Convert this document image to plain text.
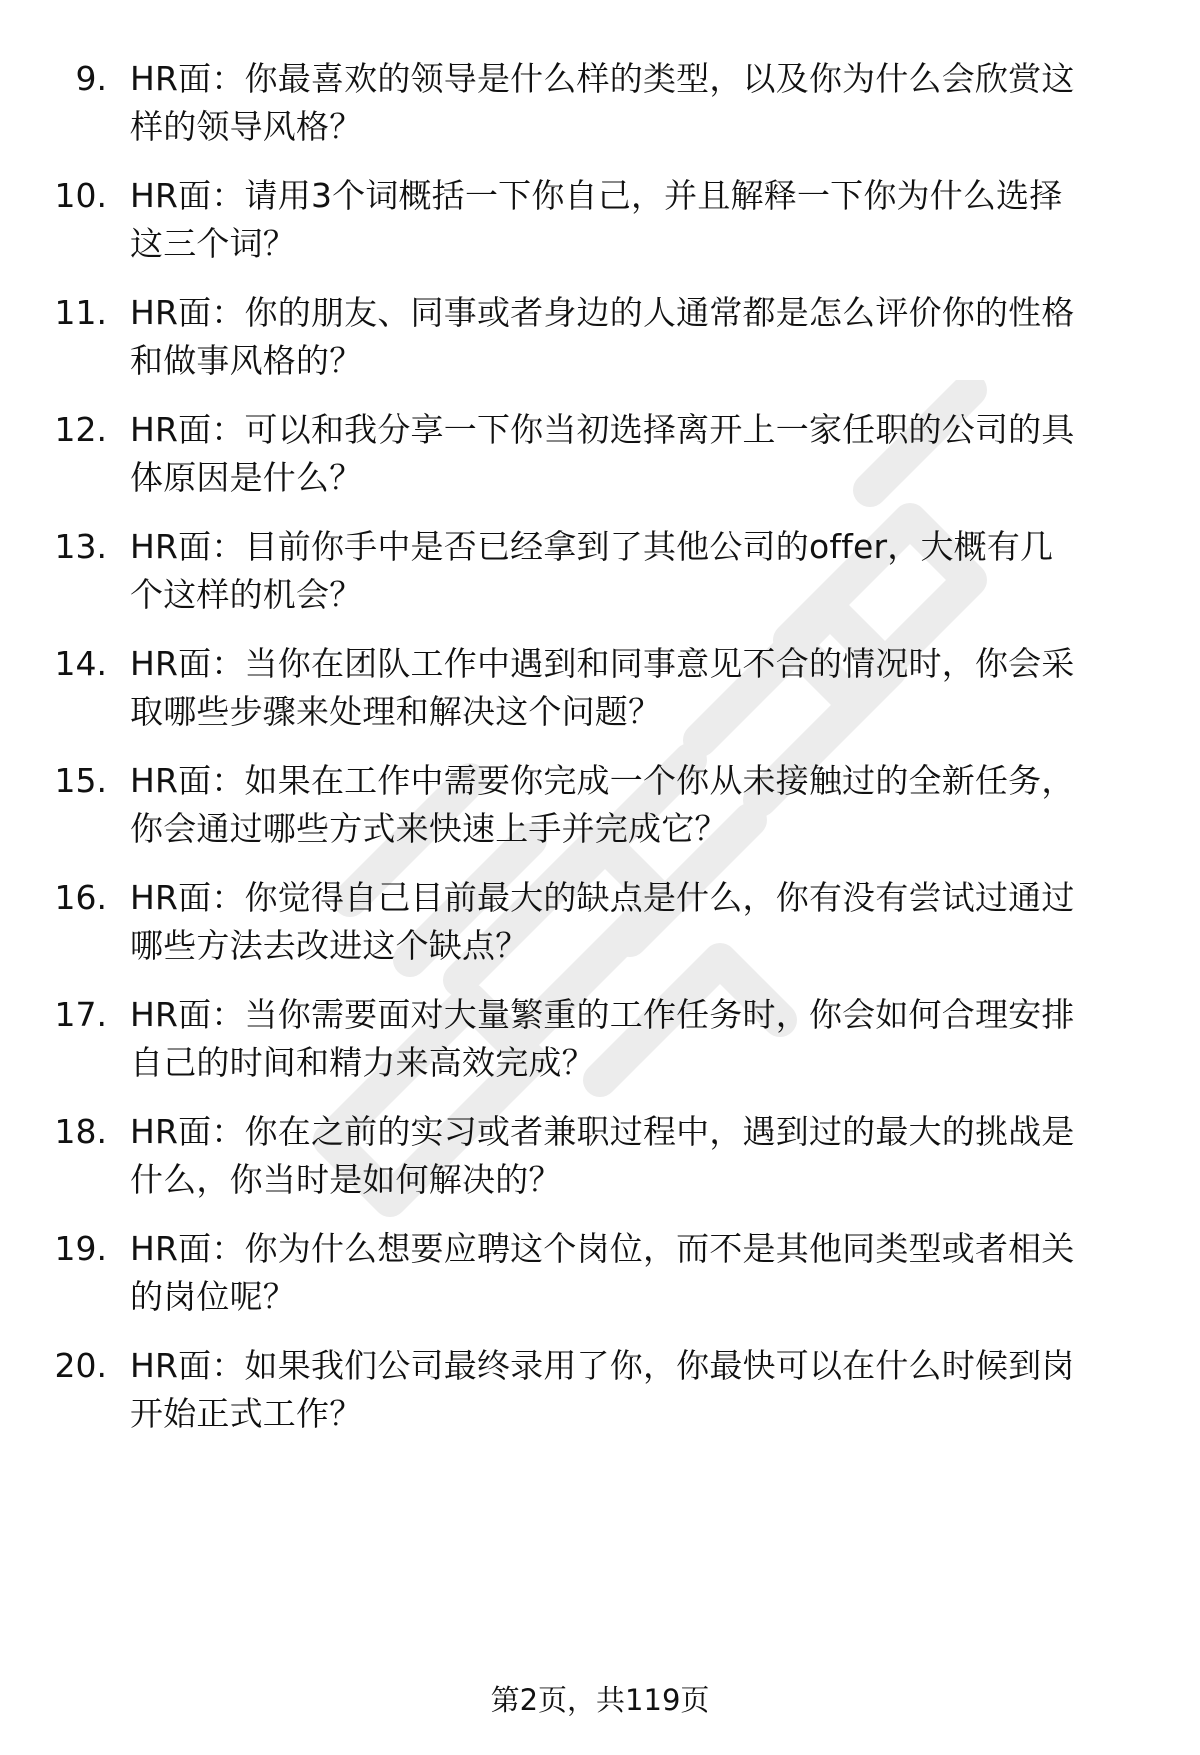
9. HR面：你最喜欢的领导是什么样的类型，以及你为什么会欣赏这
样的领导风格？
10. HR面：请用3个词概括一下你自己，并且解释一下你为什么选择
这三个词？
11. HR面：你的朋友、同事或者身边的人通常都是怎么评价你的性格
和做事风格的？
12. HR面：可以和我分享一下你当初选择离开上一家任职的公司的具
体原因是什么？
13. HR面：目前你手中是否已经拿到了其他公司的offer，大概有几
个这样的机会？
14. HR面：当你在团队工作中遇到和同事意见不合的情况时，你会采
取哪些步骤来处理和解决这个问题？
15. HR面：如果在工作中需要你完成一个你从未接触过的全新任务，
你会通过哪些方式来快速上手并完成它？
16. HR面：你觉得自己目前最大的缺点是什么，你有没有尝试过通过
哪些方法去改进这个缺点？
17. HR面：当你需要面对大量繁重的工作任务时，你会如何合理安排
自己的时间和精力来高效完成？
18. HR面：你在之前的实习或者兼职过程中，遇到过的最大的挑战是
什么，你当时是如何解决的？
19. HR面：你为什么想要应聘这个岗位，而不是其他同类型或者相关
的岗位呢？
20. HR面：如果我们公司最终录用了你，你最快可以在什么时候到岗
开始正式工作？
第2页，共119页
